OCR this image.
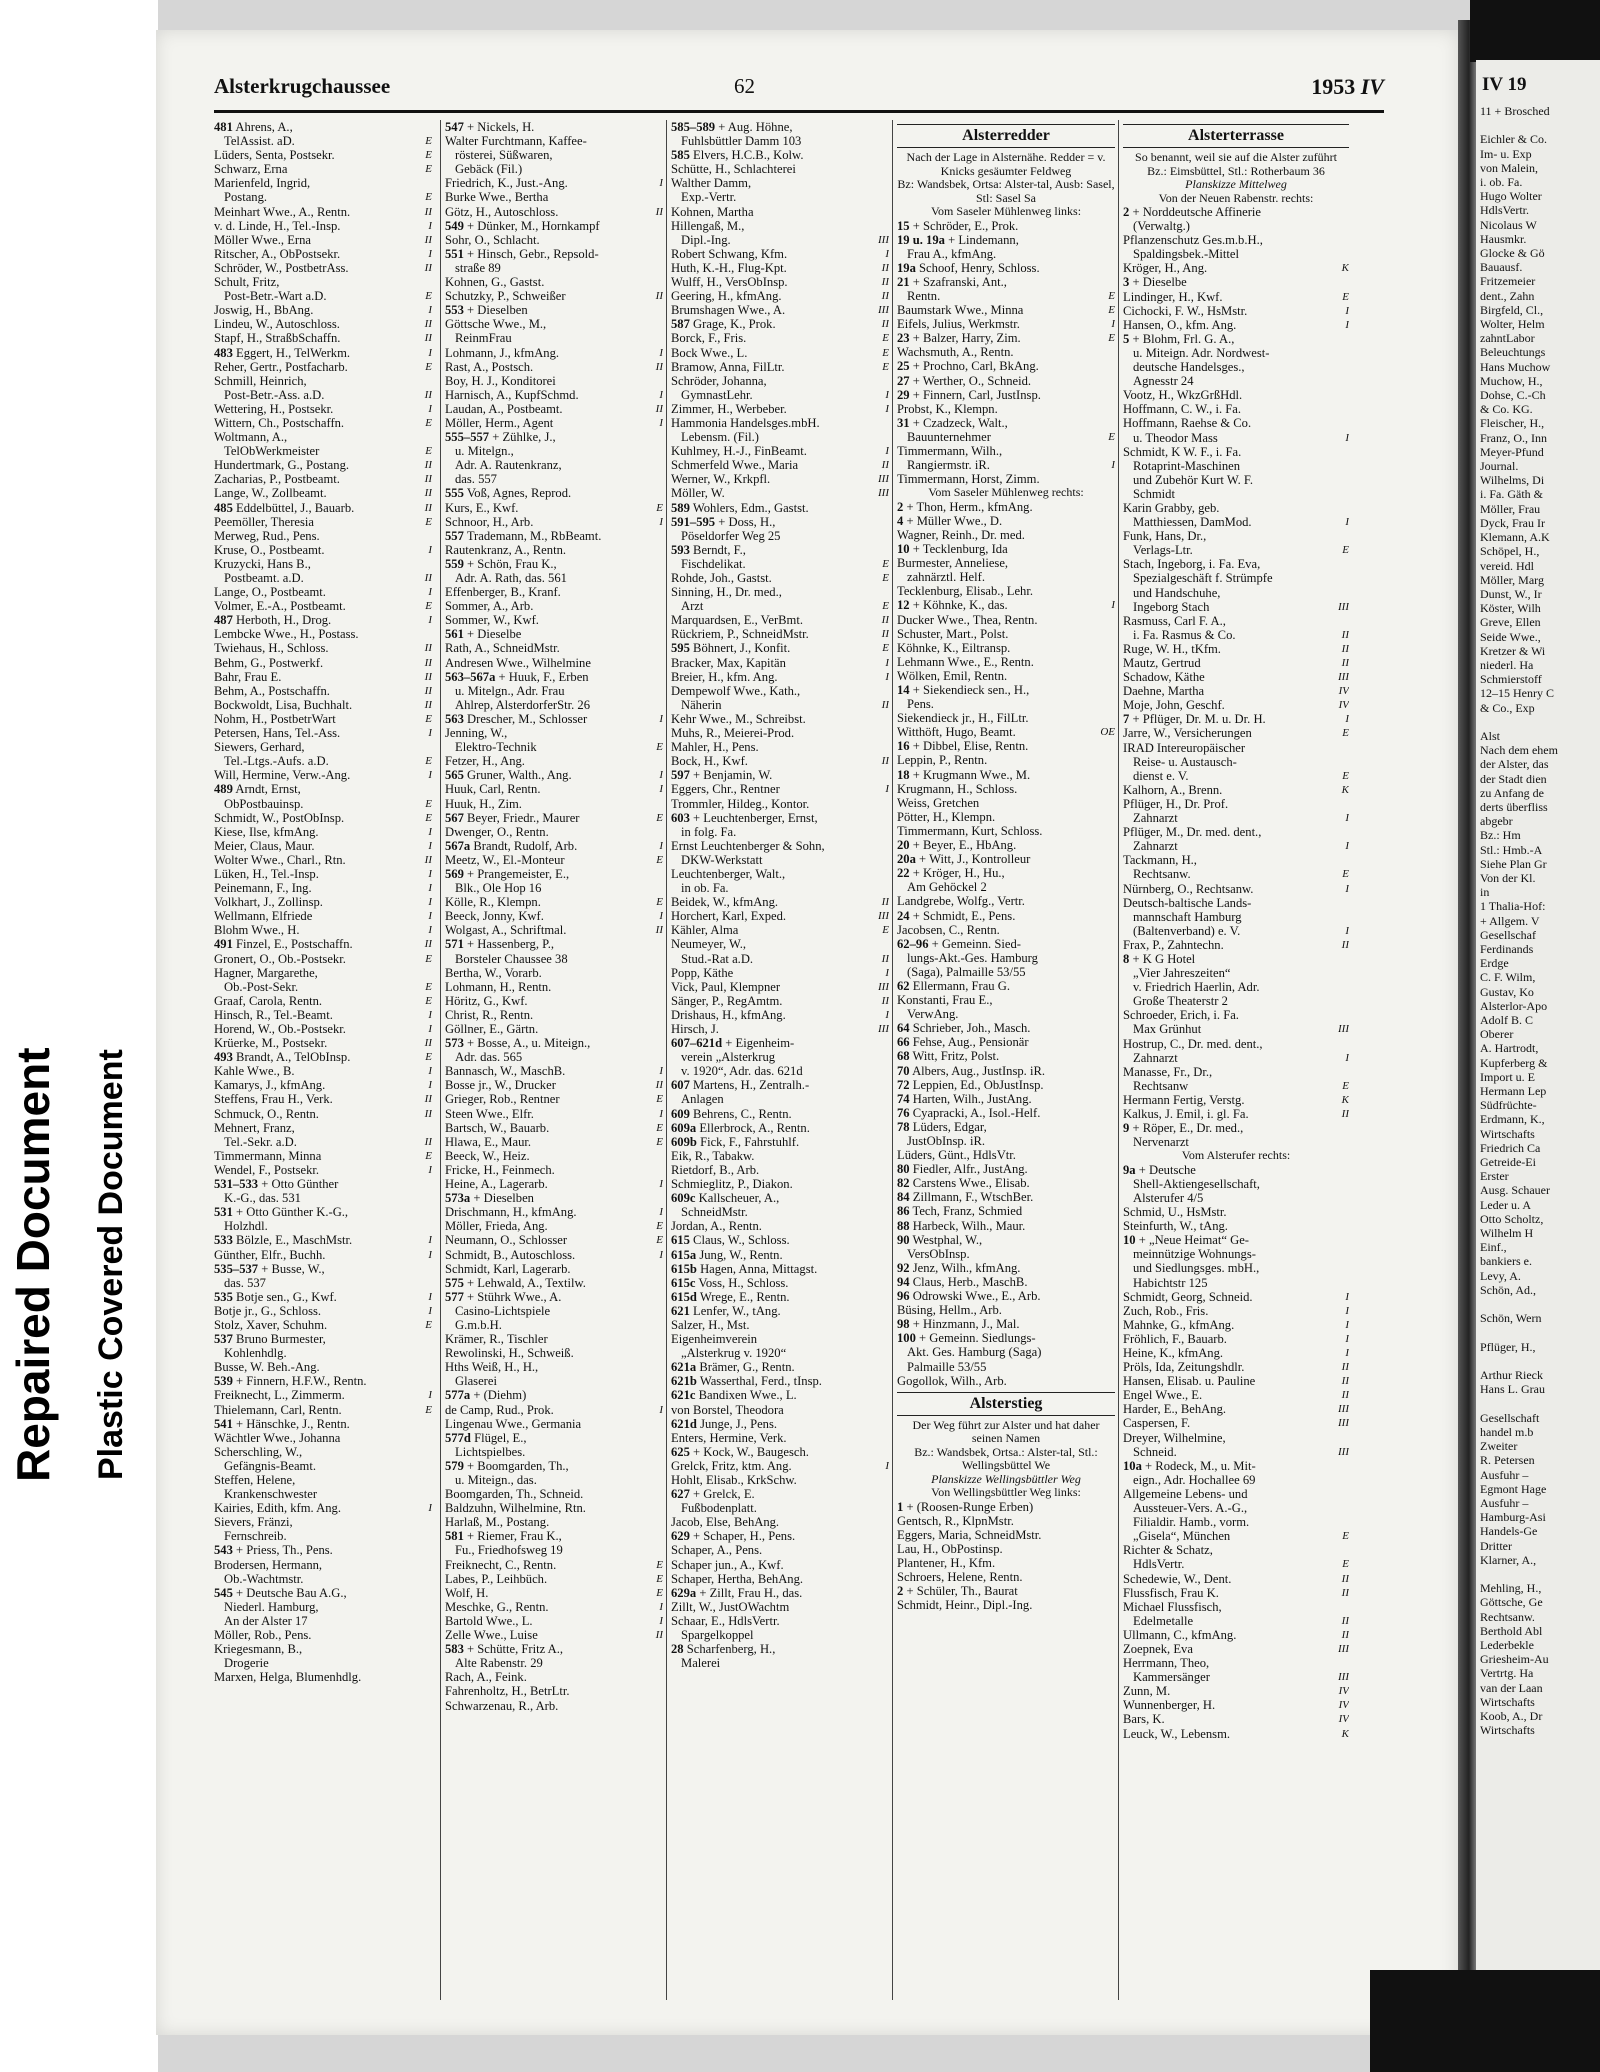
Repaired Document Plastic Covered Document
Alsterkrugchaussee	62	1953 IV
481 Ahrens, A.,
TelAssist. aD.	E
Lüders, Senta, Postsekr.	E
Schwarz, Erna	E
Marienfeld, Ingrid,
Postang.	E
Meinhart Wwe., A., Rentn.	II
v. d. Linde, H., Tel.-Insp.	I
Möller Wwe., Erna	II
Ritscher, A., ObPostsekr.	I
Schröder, W., PostbetrAss.	II
Schult, Fritz,
Post-Betr.-Wart a.D.	E
Joswig, H., BbAng.	I
Lindeu, W., Autoschloss.	II
Stapf, H., StraßbSchaffn.	II
483 Eggert, H., TelWerkm.	I
Reher, Gertr., Postfacharb.	E
Schmill, Heinrich,
Post-Betr.-Ass. a.D.	II
Wettering, H., Postsekr.	I
Wittern, Ch., Postschaffn.	E
Woltmann, A.,
TelObWerkmeister	E
Hundertmark, G., Postang.	II
Zacharias, P., Postbeamt.	II
Lange, W., Zollbeamt.	II
485 Eddelbüttel, J., Bauarb.	II
Peemöller, Theresia	E
Merweg, Rud., Pens.
Kruse, O., Postbeamt.	I
Kruzycki, Hans B.,
Postbeamt. a.D.	II
Lange, O., Postbeamt.	I
Volmer, E.-A., Postbeamt.	E
487 Herboth, H., Drog.	I
Lembcke Wwe., H., Postass.
Twiehaus, H., Schloss.	II
Behm, G., Postwerkf.	II
Bahr, Frau E.	II
Behm, A., Postschaffn.	II
Bockwoldt, Lisa, Buchhalt.	II
Nohm, H., PostbetrWart	E
Petersen, Hans, Tel.-Ass.	I
Siewers, Gerhard,
Tel.-Ltgs.-Aufs. a.D.	E
Will, Hermine, Verw.-Ang.	I
489 Arndt, Ernst,
ObPostbauinsp.	E
Schmidt, W., PostObInsp.	E
Kiese, Ilse, kfmAng.	I
Meier, Claus, Maur.	I
Wolter Wwe., Charl., Rtn.	II
Lüken, H., Tel.-Insp.	I
Peinemann, F., Ing.	I
Volkhart, J., Zollinsp.	I
Wellmann, Elfriede	I
Blohm Wwe., H.	I
491 Finzel, E., Postschaffn.	II
Gronert, O., Ob.-Postsekr.	E
Hagner, Margarethe,
Ob.-Post-Sekr.	E
Graaf, Carola, Rentn.	E
Hinsch, R., Tel.-Beamt.	I
Horend, W., Ob.-Postsekr.	I
Krüerke, M., Postsekr.	II
493 Brandt, A., TelObInsp.	E
Kahle Wwe., B.	I
Kamarys, J., kfmAng.	I
Steffens, Frau H., Verk.	II
Schmuck, O., Rentn.	II
Mehnert, Franz,
Tel.-Sekr. a.D.	II
Timmermann, Minna	E
Wendel, F., Postsekr.	I
531–533 + Otto Günther
K.-G., das. 531
531 + Otto Günther K.-G.,
Holzhdl.
533 Bölzle, E., MaschMstr.	I
Günther, Elfr., Buchh.	I
535–537 + Busse, W.,
das. 537
535 Botje sen., G., Kwf.	I
Botje jr., G., Schloss.	I
Stolz, Xaver, Schuhm.	E
537 Bruno Burmester,
Kohlenhdlg.
Busse, W. Beh.-Ang.
539 + Finnern, H.F.W., Rentn.
Freiknecht, L., Zimmerm.	I
Thielemann, Carl, Rentn.	E
541 + Hänschke, J., Rentn.
Wächtler Wwe., Johanna
Scherschling, W.,
Gefängnis-Beamt.
Steffen, Helene,
Krankenschwester
Kairies, Edith, kfm. Ang.	I
Sievers, Fränzi,
Fernschreib.
543 + Priess, Th., Pens.
Brodersen, Hermann,
Ob.-Wachtmstr.
545 + Deutsche Bau A.G.,
Niederl. Hamburg,
An der Alster 17
Möller, Rob., Pens.
Kriegesmann, B.,
Drogerie
Marxen, Helga, Blumenhdlg.
547 + Nickels, H.
Walter Furchtmann, Kaffee-
rösterei, Süßwaren,
Gebäck (Fil.)
Friedrich, K., Just.-Ang.	I
Burke Wwe., Bertha
Götz, H., Autoschloss.	II
549 + Dünker, M., Hornkampf
Sohr, O., Schlacht.
551 + Hinsch, Gebr., Repsold-
straße 89
Kohnen, G., Gastst.
Schutzky, P., Schweißer	II
553 + Dieselben
Göttsche Wwe., M.,
ReinmFrau
Lohmann, J., kfmAng.	I
Rast, A., Postsch.	II
Boy, H. J., Konditorei
Harnisch, A., KupfSchmd.	I
Laudan, A., Postbeamt.	II
Möller, Herm., Agent	I
555–557 + Zühlke, J.,
u. Mitelgn.,
Adr. A. Rautenkranz,
das. 557
555 Voß, Agnes, Reprod.
Kurs, E., Kwf.	E
Schnoor, H., Arb.	I
557 Trademann, M., RbBeamt.
Rautenkranz, A., Rentn.
559 + Schön, Frau K.,
Adr. A. Rath, das. 561
Effenberger, B., Kranf.
Sommer, A., Arb.
Sommer, W., Kwf.
561 + Dieselbe
Rath, A., SchneidMstr.
Andresen Wwe., Wilhelmine
563–567a + Huuk, F., Erben
u. Mitelgn., Adr. Frau
Ahlrep, AlsterdorferStr. 26
563 Drescher, M., Schlosser	I
Jenning, W.,
Elektro-Technik	E
Fetzer, H., Ang.
565 Gruner, Walth., Ang.	I
Huuk, Carl, Rentn.	I
Huuk, H., Zim.
567 Beyer, Friedr., Maurer	E
Dwenger, O., Rentn.
567a Brandt, Rudolf, Arb.	I
Meetz, W., El.-Monteur	E
569 + Prangemeister, E.,
Blk., Ole Hop 16
Kölle, R., Klempn.	E
Beeck, Jonny, Kwf.	I
Wolgast, A., Schriftmal.	II
571 + Hassenberg, P.,
Borsteler Chaussee 38
Bertha, W., Vorarb.
Lohmann, H., Rentn.
Höritz, G., Kwf.
Christ, R., Rentn.
Göllner, E., Gärtn.
573 + Bosse, A., u. Miteign.,
Adr. das. 565
Bannasch, W., MaschB.	I
Bosse jr., W., Drucker	II
Grieger, Rob., Rentner	E
Steen Wwe., Elfr.	I
Bartsch, W., Bauarb.	E
Hlawa, E., Maur.	E
Beeck, W., Heiz.
Fricke, H., Feinmech.
Heine, A., Lagerarb.	I
573a + Dieselben
Drischmann, H., kfmAng.	I
Möller, Frieda, Ang.	E
Neumann, O., Schlosser	E
Schmidt, B., Autoschloss.	I
Schmidt, Karl, Lagerarb.
575 + Lehwald, A., Textilw.
577 + Stührk Wwe., A.
Casino-Lichtspiele
G.m.b.H.
Krämer, R., Tischler
Rewolinski, H., Schweiß.
Hths Weiß, H., H.,
Glaserei
577a + (Diehm)
de Camp, Rud., Prok.	I
Lingenau Wwe., Germania
577d Flügel, E.,
Lichtspielbes.
579 + Boomgarden, Th.,
u. Miteign., das.
Boomgarden, Th., Schneid.
Baldzuhn, Wilhelmine, Rtn.
Harlaß, M., Postang.
581 + Riemer, Frau K.,
Fu., Friedhofsweg 19
Freiknecht, C., Rentn.	E
Labes, P., Leihbüch.	E
Wolf, H.	E
Meschke, G., Rentn.	I
Bartold Wwe., L.	I
Zelle Wwe., Luise	II
583 + Schütte, Fritz A.,
Alte Rabenstr. 29
Rach, A., Feink.
Fahrenholtz, H., BetrLtr.
Schwarzenau, R., Arb.
585–589 + Aug. Höhne,
Fuhlsbüttler Damm 103
585 Elvers, H.C.B., Kolw.
Schütte, H., Schlachterei
Walther Damm,
Exp.-Vertr.
Kohnen, Martha
Hillengaß, M.,
Dipl.-Ing.	III
Robert Schwang, Kfm.	I
Huth, K.-H., Flug-Kpt.	II
Wulff, H., VersObInsp.	II
Geering, H., kfmAng.	II
Brumshagen Wwe., A.	III
587 Grage, K., Prok.	II
Borck, F., Fris.	E
Bock Wwe., L.	E
Bramow, Anna, FilLtr.	E
Schröder, Johanna,
GymnastLehr.	I
Zimmer, H., Werbeber.	I
Hammonia Handelsges.mbH.
Lebensm. (Fil.)
Kuhlmey, H.-J., FinBeamt.	I
Schmerfeld Wwe., Maria	II
Werner, W., Krkpfl.	III
Möller, W.	III
589 Wohlers, Edm., Gastst.
591–595 + Doss, H.,
Pöseldorfer Weg 25
593 Berndt, F.,
Fischdelikat.	E
Rohde, Joh., Gastst.	E
Sinning, H., Dr. med.,
Arzt	E
Marquardsen, E., VerBmt.	II
Rückriem, P., SchneidMstr.	II
595 Böhnert, J., Konfit.	E
Bracker, Max, Kapitän	I
Breier, H., kfm. Ang.	I
Dempewolf Wwe., Kath.,
Näherin	II
Kehr Wwe., M., Schreibst.
Muhs, R., Meierei-Prod.
Mahler, H., Pens.
Bock, H., Kwf.	II
597 + Benjamin, W.
Eggers, Chr., Rentner	I
Trommler, Hildeg., Kontor.
603 + Leuchtenberger, Ernst,
in folg. Fa.
Ernst Leuchtenberger & Sohn,
DKW-Werkstatt
Leuchtenberger, Walt.,
in ob. Fa.
Beidek, W., kfmAng.	II
Horchert, Karl, Exped.	III
Kähler, Alma	E
Neumeyer, W.,
Stud.-Rat a.D.	II
Popp, Käthe	I
Vick, Paul, Klempner	III
Sänger, P., RegAmtm.	II
Drishaus, H., kfmAng.	I
Hirsch, J.	III
607–621d + Eigenheim-
verein „Alsterkrug
v. 1920“, Adr. das. 621d
607 Martens, H., Zentralh.-
Anlagen
609 Behrens, C., Rentn.
609a Ellerbrock, A., Rentn.
609b Fick, F., Fahrstuhlf.
Eik, R., Tabakw.
Rietdorf, B., Arb.
Schmieglitz, P., Diakon.
609c Kallscheuer, A.,
SchneidMstr.
Jordan, A., Rentn.
615 Claus, W., Schloss.
615a Jung, W., Rentn.
615b Hagen, Anna, Mittagst.
615c Voss, H., Schloss.
615d Wrege, E., Rentn.
621 Lenfer, W., tAng.
Salzer, H., Mst.
Eigenheimverein
„Alsterkrug v. 1920“
621a Brämer, G., Rentn.
621b Wasserthal, Ferd., tInsp.
621c Bandixen Wwe., L.
von Borstel, Theodora
621d Junge, J., Pens.
Enters, Hermine, Verk.
625 + Kock, W., Baugesch.
Grelck, Fritz, ktm. Ang.	I
Hohlt, Elisab., KrkSchw.
627 + Grelck, E.
Fußbodenplatt.
Jacob, Else, BehAng.
629 + Schaper, H., Pens.
Schaper, A., Pens.
Schaper jun., A., Kwf.
Schaper, Hertha, BehAng.
629a + Zillt, Frau H., das.
Zillt, W., JustOWachtm
Schaar, E., HdlsVertr.
Spargelkoppel
28 Scharfenberg, H.,
Malerei
Alsterredder
Nach der Lage in Alsternähe. Redder = v. Knicks gesäumter Feldweg
Bz: Wandsbek, Ortsa: Alster-tal, Ausb: Sasel, Stl: Sasel Sa
Vom Saseler Mühlenweg links:
15 + Schröder, E., Prok.
19 u. 19a + Lindemann,
Frau A., kfmAng.
19a Schoof, Henry, Schloss.
21 + Szafranski, Ant.,
Rentn.	E
Baumstark Wwe., Minna	E
Eifels, Julius, Werkmstr.	I
23 + Balzer, Harry, Zim.	E
Wachsmuth, A., Rentn.
25 + Prochno, Carl, BkAng.
27 + Werther, O., Schneid.
29 + Finnern, Carl, JustInsp.
Probst, K., Klempn.
31 + Czadzeck, Walt.,
Bauunternehmer	E
Timmermann, Wilh.,
Rangiermstr. iR.	I
Timmermann, Horst, Zimm.
Vom Saseler Mühlenweg rechts:
2 + Thon, Herm., kfmAng.
4 + Müller Wwe., D.
Wagner, Reinh., Dr. med.
10 + Tecklenburg, Ida
Burmester, Anneliese,
zahnärztl. Helf.
Tecklenburg, Elisab., Lehr.
12 + Köhnke, K., das.	I
Ducker Wwe., Thea, Rentn.
Schuster, Mart., Polst.
Köhnke, K., Eiltransp.
Lehmann Wwe., E., Rentn.
Wölken, Emil, Rentn.
14 + Siekendieck sen., H.,
Pens.
Siekendieck jr., H., FilLtr.
Witthöft, Hugo, Beamt.	OE
16 + Dibbel, Elise, Rentn.
Leppin, P., Rentn.
18 + Krugmann Wwe., M.
Krugmann, H., Schloss.
Weiss, Gretchen
Pötter, H., Klempn.
Timmermann, Kurt, Schloss.
20 + Beyer, E., HbAng.
20a + Witt, J., Kontrolleur
22 + Kröger, H., Hu.,
Am Gehöckel 2
Landgrebe, Wolfg., Vertr.
24 + Schmidt, E., Pens.
Jacobsen, C., Rentn.
62–96 + Gemeinn. Sied-
lungs-Akt.-Ges. Hamburg
(Saga), Palmaille 53/55
62 Ellermann, Frau G.
Konstanti, Frau E.,
VerwAng.
64 Schrieber, Joh., Masch.
66 Fehse, Aug., Pensionär
68 Witt, Fritz, Polst.
70 Albers, Aug., JustInsp. iR.
72 Leppien, Ed., ObJustInsp.
74 Harten, Wilh., JustAng.
76 Cyapracki, A., Isol.-Helf.
78 Lüders, Edgar,
JustObInsp. iR.
Lüders, Günt., HdlsVtr.
80 Fiedler, Alfr., JustAng.
82 Carstens Wwe., Elisab.
84 Zillmann, F., WtschBer.
86 Tech, Franz, Schmied
88 Harbeck, Wilh., Maur.
90 Westphal, W.,
VersObInsp.
92 Jenz, Wilh., kfmAng.
94 Claus, Herb., MaschB.
96 Odrowski Wwe., E., Arb.
Büsing, Hellm., Arb.
98 + Hinzmann, J., Mal.
100 + Gemeinn. Siedlungs-
Akt. Ges. Hamburg (Saga)
Palmaille 53/55
Gogollok, Wilh., Arb.
Alsterstieg
Der Weg führt zur Alster und hat daher seinen Namen
Bz.: Wandsbek, Ortsa.: Alster-tal, Stl.: Wellingsbüttel We
Planskizze Wellingsbüttler Weg
Von Wellingsbüttler Weg links:
1 + (Roosen-Runge Erben)
Gentsch, R., KlpnMstr.
Eggers, Maria, SchneidMstr.
Lau, H., ObPostinsp.
Plantener, H., Kfm.
Schroers, Helene, Rentn.
2 + Schüler, Th., Baurat
Schmidt, Heinr., Dipl.-Ing.
Alsterterrasse
So benannt, weil sie auf die Alster zuführt
Bz.: Eimsbüttel, Stl.: Rotherbaum 36
Planskizze Mittelweg
Von der Neuen Rabenstr. rechts:
2 + Norddeutsche Affinerie
(Verwaltg.)
Pflanzenschutz Ges.m.b.H.,
Spaldingsbek.-Mittel
Kröger, H., Ang.	K
3 + Dieselbe
Lindinger, H., Kwf.	E
Cichocki, F. W., HsMstr.	I
Hansen, O., kfm. Ang.	I
5 + Blohm, Frl. G. A.,
u. Miteign. Adr. Nordwest-
deutsche Handelsges.,
Agnesstr 24
Vootz, H., WkzGrßHdl.
Hoffmann, C. W., i. Fa.
Hoffmann, Raehse & Co.
u. Theodor Mass	I
Schmidt, K W. F., i. Fa.
Rotaprint-Maschinen
und Zubehör Kurt W. F.
Schmidt
Karin Grabby, geb.
Matthiessen, DamMod.	I
Funk, Hans, Dr.,
Verlags-Ltr.	E
Stach, Ingeborg, i. Fa. Eva,
Spezialgeschäft f. Strümpfe
und Handschuhe,
Ingeborg Stach	III
Rasmuss, Carl F. A.,
i. Fa. Rasmus & Co.	II
Ruge, W. H., tKfm.	II
Mautz, Gertrud	II
Schadow, Käthe	III
Daehne, Martha	IV
Moje, John, Geschf.	IV
7 + Pflüger, Dr. M. u. Dr. H.	I
Jarre, W., Versicherungen	E
IRAD Intereuropäischer
Reise- u. Austausch-
dienst e. V.	E
Kalhorn, A., Brenn.	K
Pflüger, H., Dr. Prof.
Zahnarzt	I
Pflüger, M., Dr. med. dent.,
Zahnarzt	I
Tackmann, H.,
Rechtsanw.	E
Nürnberg, O., Rechtsanw.	I
Deutsch-baltische Lands-
mannschaft Hamburg
(Baltenverband) e. V.	I
Frax, P., Zahntechn.	II
8 + K G Hotel
„Vier Jahreszeiten“
v. Friedrich Haerlin, Adr.
Große Theaterstr 2
Schroeder, Erich, i. Fa.
Max Grünhut	III
Hostrup, C., Dr. med. dent.,
Zahnarzt	I
Manasse, Fr., Dr.,
Rechtsanw	E
Hermann Fertig, Verstg.	K
Kalkus, J. Emil, i. gl. Fa.	II
9 + Röper, E., Dr. med.,
Nervenarzt
Vom Alsterufer rechts:
9a + Deutsche
Shell-Aktiengesellschaft,
Alsterufer 4/5
Schmid, U., HsMstr.
Steinfurth, W., tAng.
10 + „Neue Heimat“ Ge-
meinnützige Wohnungs-
und Siedlungsges. mbH.,
Habichtstr 125
Schmidt, Georg, Schneid.	I
Zuch, Rob., Fris.	I
Mahnke, G., kfmAng.	I
Fröhlich, F., Bauarb.	I
Heine, K., kfmAng.	I
Pröls, Ida, Zeitungshdlr.	II
Hansen, Elisab. u. Pauline	II
Engel Wwe., E.	II
Harder, E., BehAng.	III
Caspersen, F.	III
Dreyer, Wilhelmine,
Schneid.	III
10a + Rodeck, M., u. Mit-
eign., Adr. Hochallee 69
Allgemeine Lebens- und
Aussteuer-Vers. A.-G.,
Filialdir. Hamb., vorm.
„Gisela“, München	E
Richter & Schatz,
HdlsVertr.	E
Schedewie, W., Dent.	II
Flussfisch, Frau K.	II
Michael Flussfisch,
Edelmetalle	II
Ullmann, C., kfmAng.	II
Zoepnek, Eva	III
Herrmann, Theo,
Kammersänger	III
Zunn, M.	IV
Wunnenberger, H.	IV
Bars, K.	IV
Leuck, W., Lebensm.	K
IV 19
11 + Brosched

Eichler & Co.
Im- u. Exp
von Malein,
i. ob. Fa.
Hugo Wolter
HdlsVertr.
Nicolaus W
Hausmkr.
Glocke & Gö
Bauausf.
Fritzemeier
dent., Zahn
Birgfeld, Cl.,
Wolter, Helm
zahntLabor
Beleuchtungs
Hans Muchow
Muchow, H.,
Dohse, C.-Ch
& Co. KG.
Fleischer, H.,
Franz, O., Inn
Meyer-Pfund
Journal.
Wilhelms, Di
i. Fa. Gäth &
Möller, Frau
Dyck, Frau Ir
Klemann, A.K
Schöpel, H.,
vereid. Hdl
Möller, Marg
Dunst, W., Ir
Köster, Wilh
Greve, Ellen
Seide Wwe.,
Kretzer & Wi
niederl. Ha
Schmierstoff
12–15 Henry C
& Co., Exp

Alst
Nach dem ehem
der Alster, das
der Stadt dien
zu Anfang de
derts überfliss
abgebr
Bz.: Hm
Stl.: Hmb.-A
Siehe Plan Gr
Von der Kl.
in
1 Thalia-Hof:
+ Allgem. V
Gesellschaf
Ferdinands
Erdge
C. F. Wilm,
Gustav, Ko
Alsterlor-Apo
Adolf B. C
Oberer
A. Hartrodt,
Kupferberg &
Import u. E
Hermann Lep
Südfrüchte-
Erdmann, K.,
Wirtschafts
Friedrich Ca
Getreide-Ei
Erster
Ausg. Schauer
Leder u. A
Otto Scholtz,
Wilhelm H
Einf.,
bankiers e.
Levy, A.
Schön, Ad.,

Schön, Wern

Pflüger, H.,

Arthur Rieck
Hans L. Grau

Gesellschaft
handel m.b
Zweiter
R. Petersen
Ausfuhr –
Egmont Hage
Ausfuhr –
Hamburg-Asi
Handels-Ge
Dritter
Klarner, A.,

Mehling, H.,
Göttsche, Ge
Rechtsanw.
Berthold Abl
Lederbekle
Griesheim-Au
Vertrtg. Ha
van der Laan
Wirtschafts
Koob, A., Dr
Wirtschafts
